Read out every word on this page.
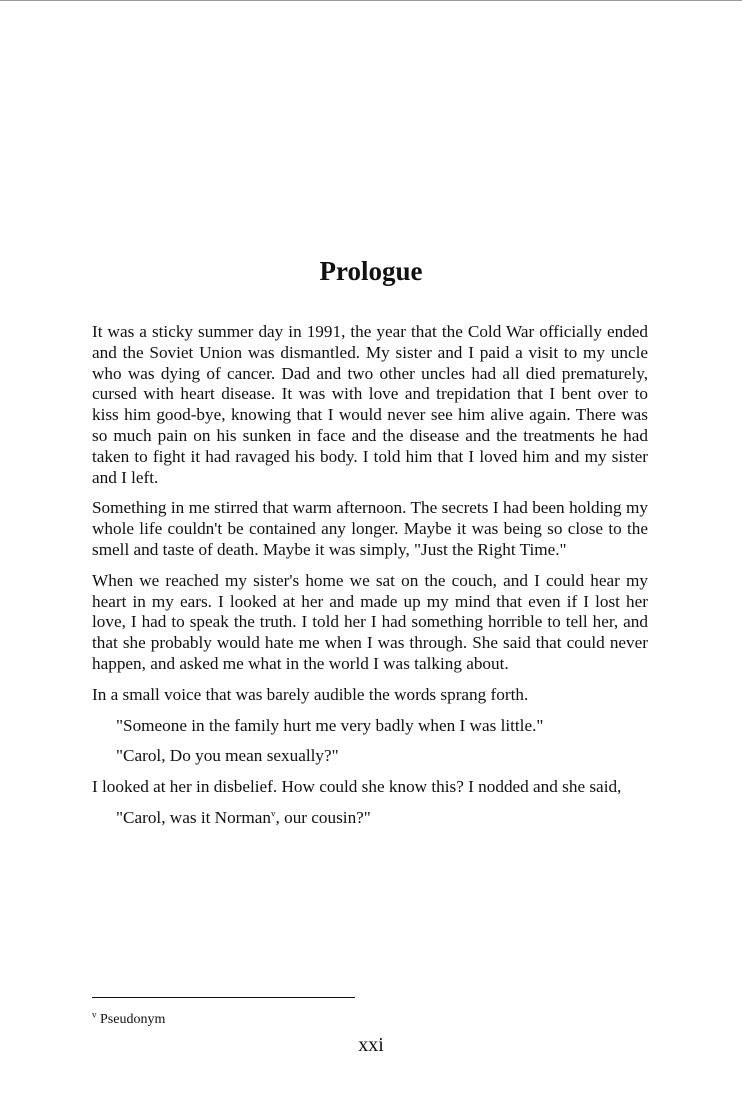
Prologue

It was a sticky summer day in 1991, the year that the Cold War officially ended and the Soviet Union was dismantled. My sister and I paid a visit to my uncle who was dying of cancer. Dad and two other uncles had all died prematurely, cursed with heart disease. It was with love and trepidation that I bent over to kiss him good-bye, knowing that I would never see him alive again. There was so much pain on his sunken in face and the disease and the treatments he had taken to fight it had ravaged his body. I told him that I loved him and my sister and I left.

Something in me stirred that warm afternoon. The secrets I had been holding my whole life couldn't be contained any longer. Maybe it was being so close to the smell and taste of death. Maybe it was simply, "Just the Right Time."

When we reached my sister's home we sat on the couch, and I could hear my heart in my ears. I looked at her and made up my mind that even if I lost her love, I had to speak the truth. I told her I had something horrible to tell her, and that she probably would hate me when I was through. She said that could never happen, and asked me what in the world I was talking about.

In a small voice that was barely audible the words sprang forth.

"Someone in the family hurt me very badly when I was little."

"Carol, Do you mean sexually?"

I looked at her in disbelief. How could she know this? I nodded and she said,

"Carol, was it Norman$^v$, our cousin?"

$^v$ Pseudonym
xxi
